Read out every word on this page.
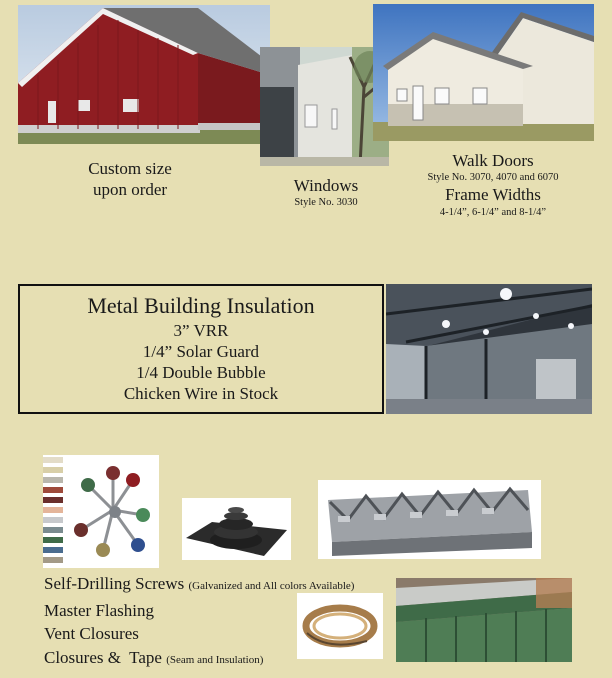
Custom size
upon order	Windows
Style No. 3030
Walk Doors
Style No. 3070, 4070 and 6070
Frame Widths
4-1/4”, 6-1/4” and 8-1/4”
Metal Building Insulation
3” VRR
1/4” Solar Guard
1/4 Double Bubble
Chicken Wire in Stock
Self-Drilling Screws (Galvanized and All colors Available)
Master Flashing
Vent Closures
Closures &  Tape (Seam and Insulation)
